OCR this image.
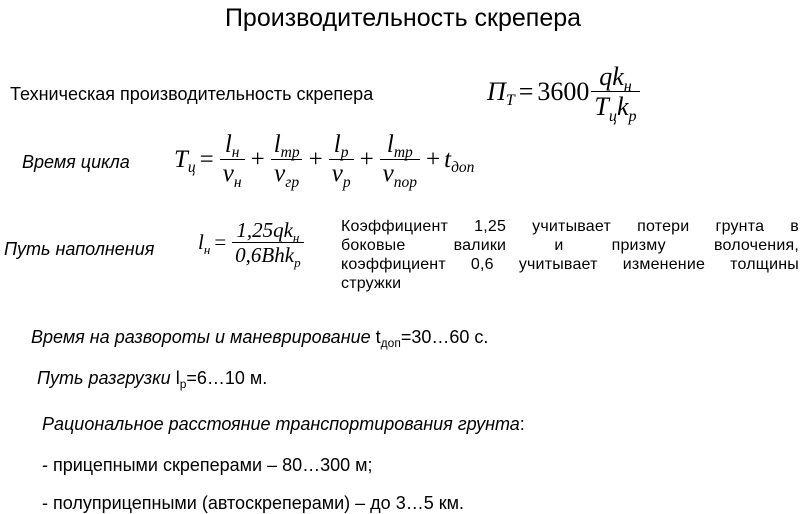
Производительность скрепера
Техническая производительность скрепера	$П_Т = 3600 \frac{qk_н}{T_цk_p}$
Время цикла $T_ц = \frac{l_н}{v_н} + \frac{l_{тр}}{v_{гр}} + \frac{l_р}{v_р} + \frac{l_{тр}}{v_{пор}} + t_{доп}$
Путь наполнения $l_н = \frac{1,25qk_н}{0,6Bhk_р}$ Коэффициент 1,25 учитывает потери грунта в
боковые валики и призму волочения,
коэффициент 0,6 учитывает изменение толщины
стружки
Время на развороты и маневрирование $t_{доп}=30\dots 60$ с.
Путь разгрузки $l_р=6\dots 10$ м.
Рациональное расстояние транспортирования грунта:
- прицепными скреперами – 80…300 м;
- полуприцепными (автоскреперами) – до 3…5 км.
